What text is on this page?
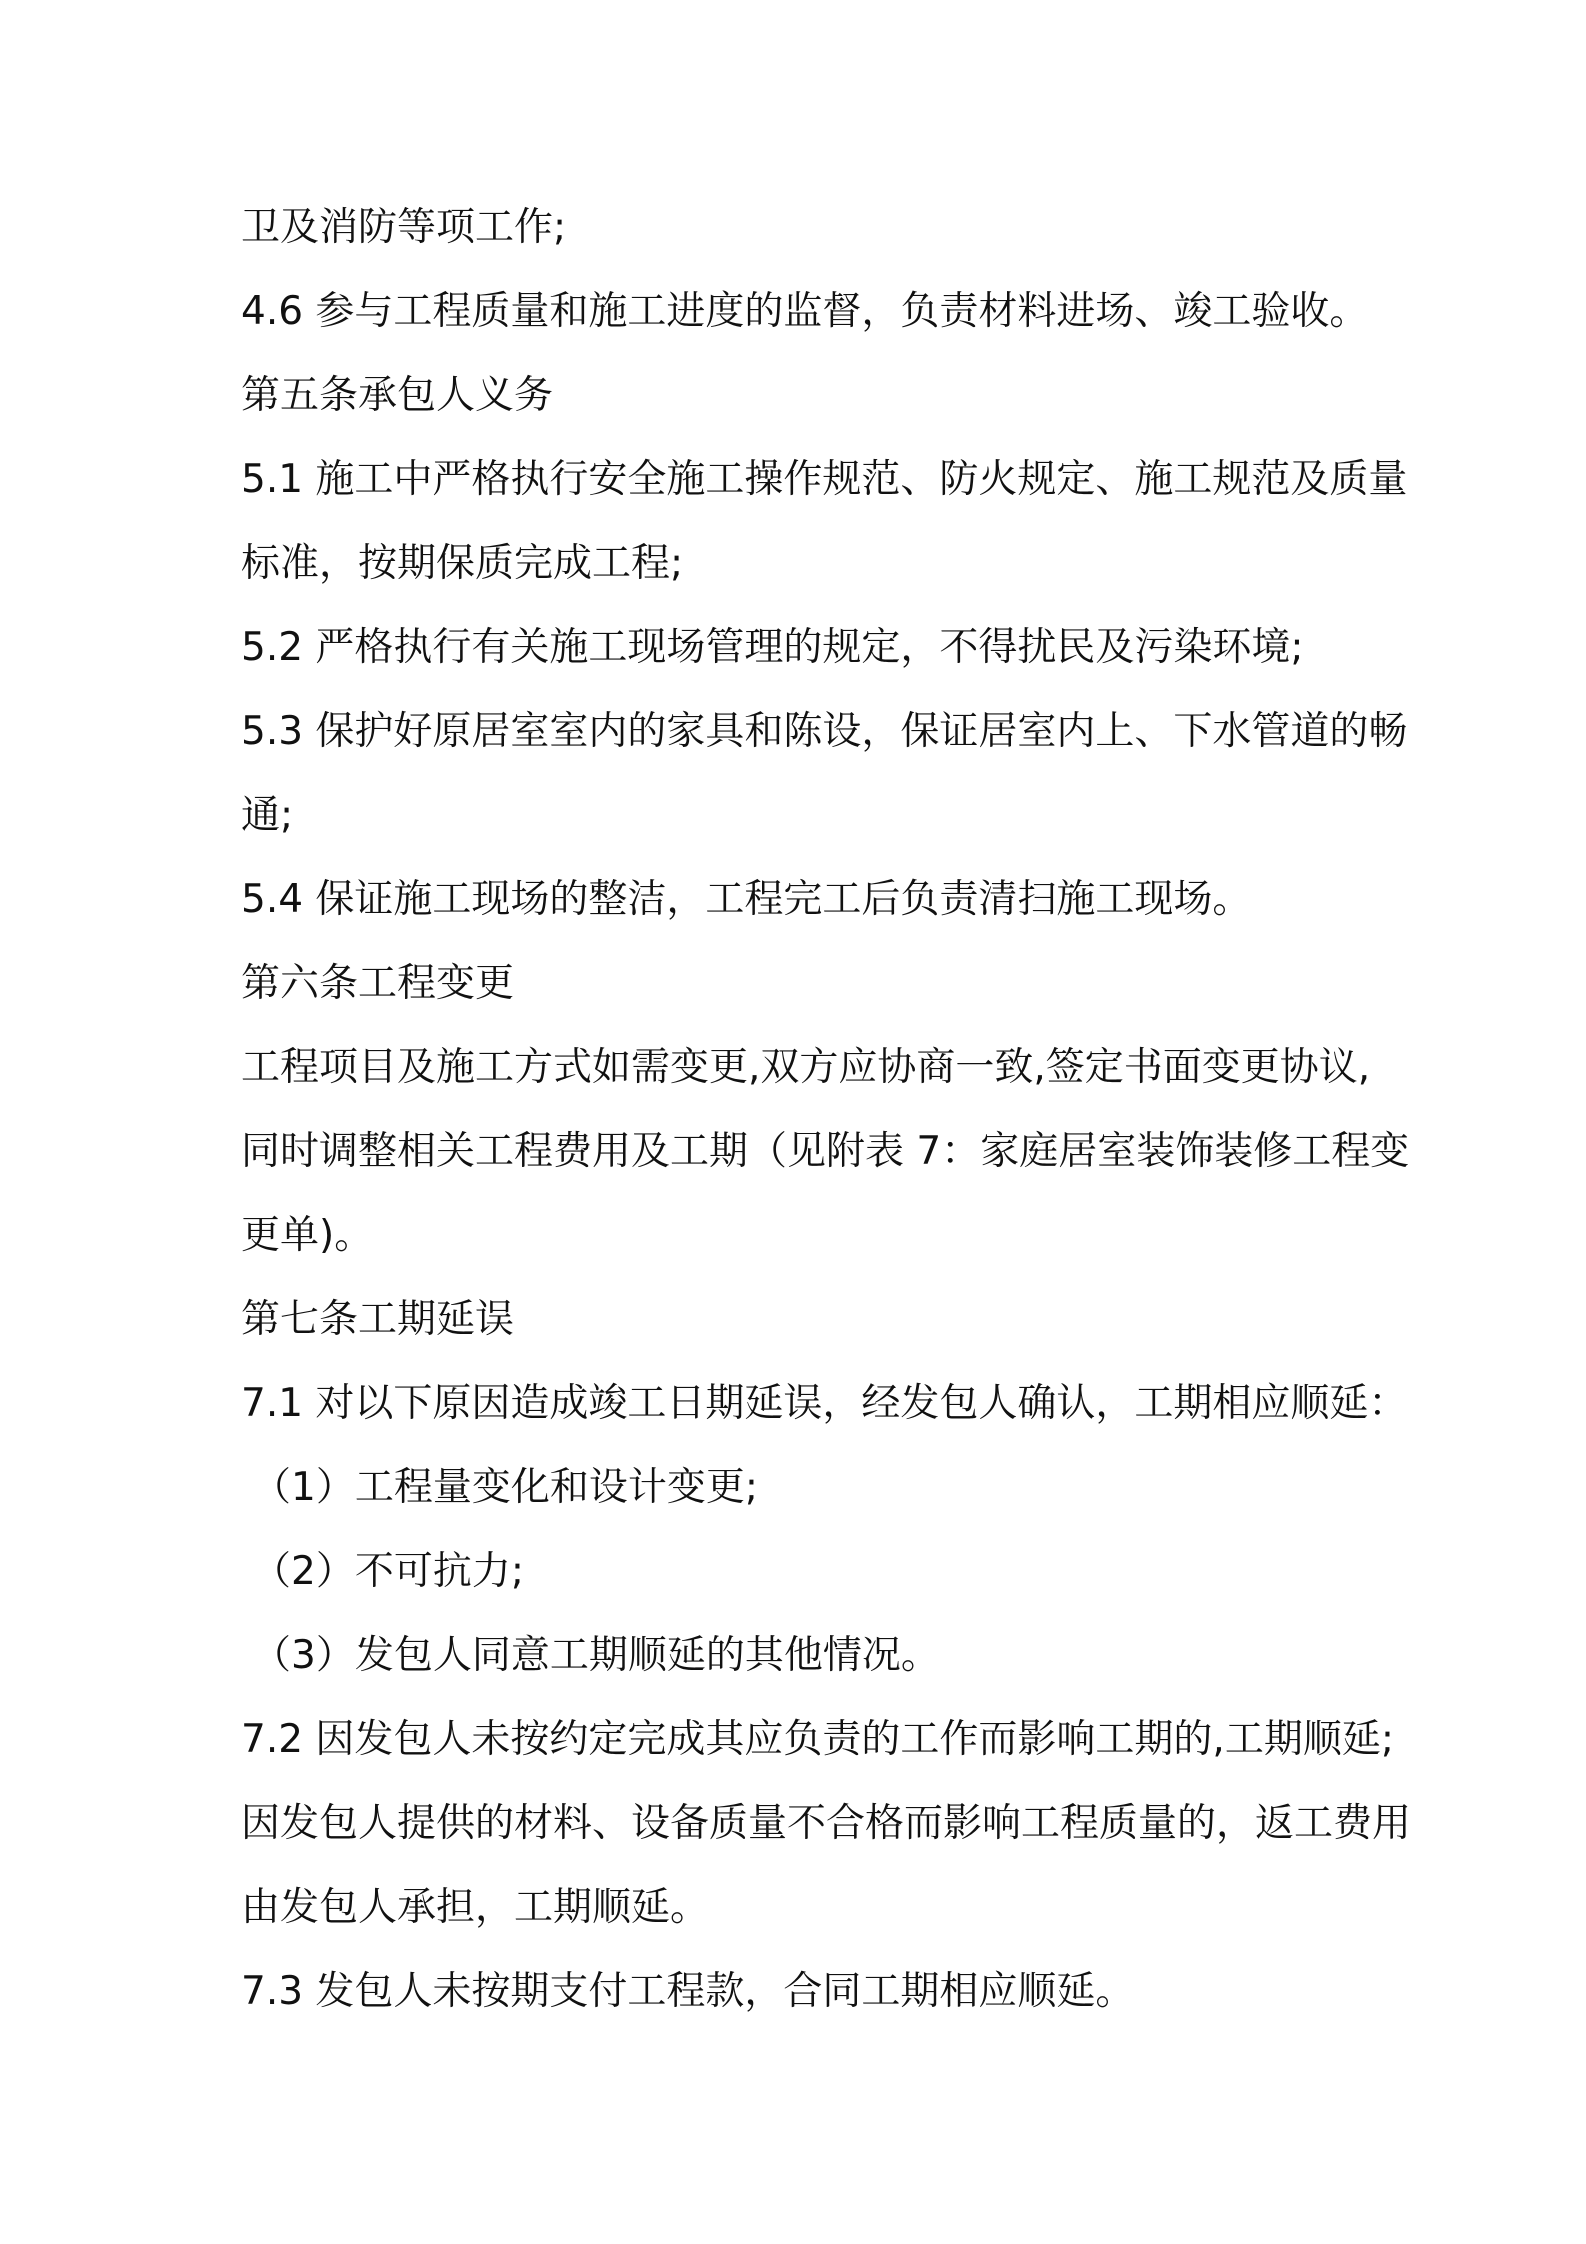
卫及消防等项工作;
4.6 参与工程质量和施工进度的监督，负责材料进场、竣工验收。
第五条承包人义务
5.1 施工中严格执行安全施工操作规范、防火规定、施工规范及质量
标准，按期保质完成工程;
5.2 严格执行有关施工现场管理的规定，不得扰民及污染环境;
5.3 保护好原居室室内的家具和陈设，保证居室内上、下水管道的畅
通;
5.4 保证施工现场的整洁，工程完工后负责清扫施工现场。
第六条工程变更
工程项目及施工方式如需变更,双方应协商一致,签定书面变更协议,
同时调整相关工程费用及工期（见附表 7：家庭居室装饰装修工程变
更单)。
第七条工期延误
7.1 对以下原因造成竣工日期延误，经发包人确认，工期相应顺延：
（1）工程量变化和设计变更;
（2）不可抗力;
（3）发包人同意工期顺延的其他情况。
7.2 因发包人未按约定完成其应负责的工作而影响工期的,工期顺延;
因发包人提供的材料、设备质量不合格而影响工程质量的，返工费用
由发包人承担，工期顺延。
7.3 发包人未按期支付工程款，合同工期相应顺延。
